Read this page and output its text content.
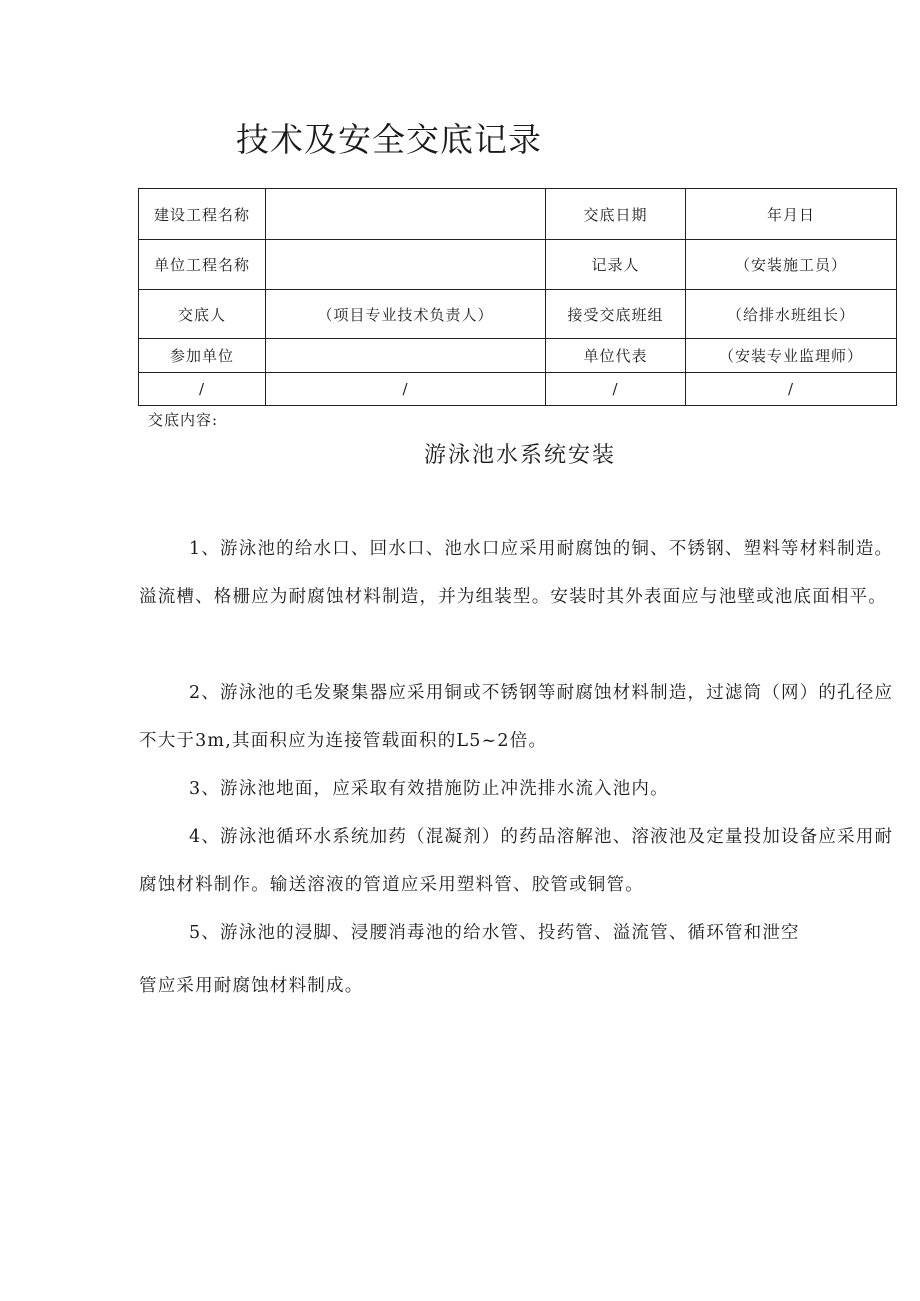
技术及安全交底记录
建设工程名称		交底日期	年月日
单位工程名称		记录人	（安装施工员）
交底人	（项目专业技术负责人）	接受交底班组	（给排水班组长）
参加单位		单位代表	（安装专业监理师）
/	/	/	/
交底内容:
游泳池水系统安装
1、游泳池的给水口、回水口、池水口应采用耐腐蚀的铜、不锈钢、塑料等材料制造。溢流槽、格栅应为耐腐蚀材料制造，并为组装型。安装时其外表面应与池壁或池底面相平。
2、游泳池的毛发聚集器应采用铜或不锈钢等耐腐蚀材料制造，过滤筒（网）的孔径应不大于3m,其面积应为连接管载面积的L5~2倍。
3、游泳池地面，应采取有效措施防止冲洗排水流入池内。
4、游泳池循环水系统加药（混凝剂）的药品溶解池、溶液池及定量投加设备应采用耐腐蚀材料制作。输送溶液的管道应采用塑料管、胶管或铜管。
5、游泳池的浸脚、浸腰消毒池的给水管、投药管、溢流管、循环管和泄空
管应采用耐腐蚀材料制成。
